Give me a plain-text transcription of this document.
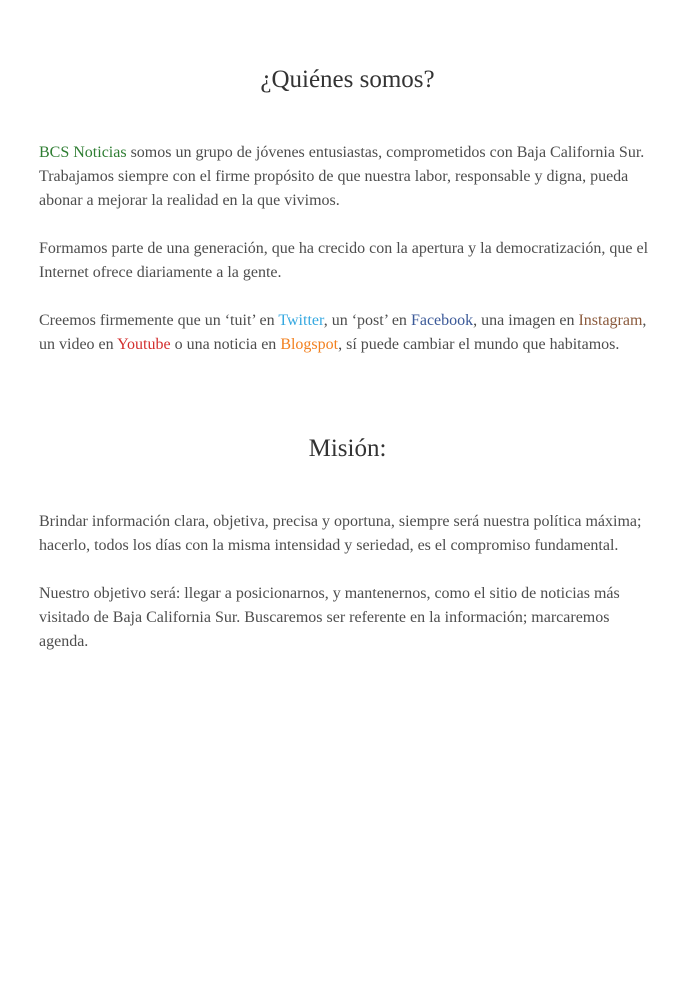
¿Quiénes somos?

BCS Noticias somos un grupo de jóvenes entusiastas, comprometidos con Baja California Sur. Trabajamos siempre con el firme propósito de que nuestra labor, responsable y digna, pueda abonar a mejorar la realidad en la que vivimos.

Formamos parte de una generación, que ha crecido con la apertura y la democratización, que el Internet ofrece diariamente a la gente.

Creemos firmemente que un ‘tuit’ en Twitter, un ‘post’ en Facebook, una imagen en Instagram, un video en Youtube o una noticia en Blogspot, sí puede cambiar el mundo que habitamos.

Misión:

Brindar información clara, objetiva, precisa y oportuna, siempre será nuestra política máxima; hacerlo, todos los días con la misma intensidad y seriedad, es el compromiso fundamental.

Nuestro objetivo será: llegar a posicionarnos, y mantenernos, como el sitio de noticias más visitado de Baja California Sur. Buscaremos ser referente en la información; marcaremos agenda.
